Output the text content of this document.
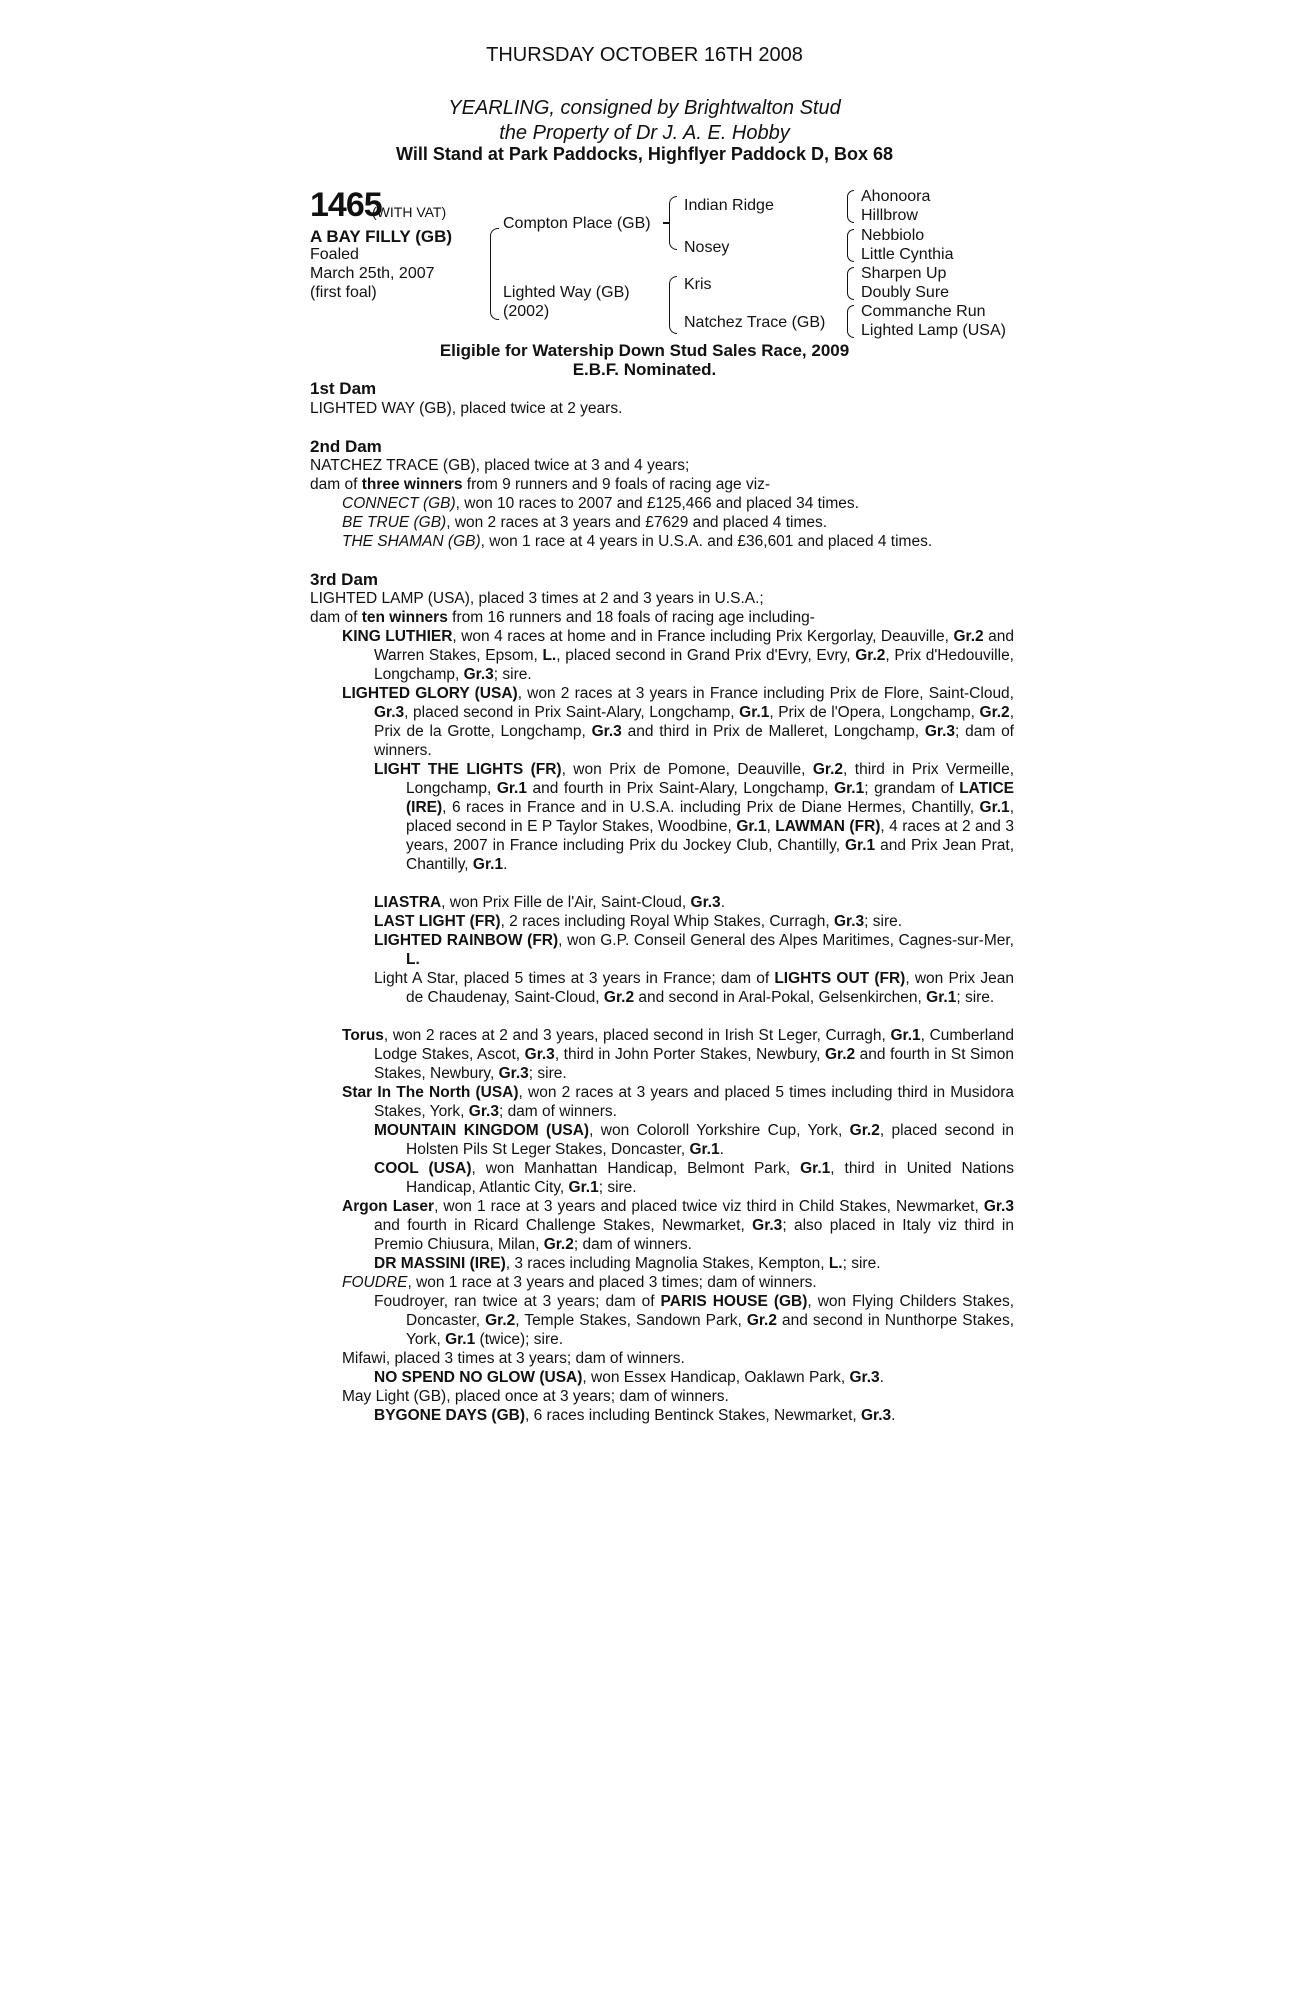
THURSDAY OCTOBER 16TH 2008
YEARLING, consigned by Brightwalton Stud
the Property of Dr J. A. E. Hobby
Will Stand at Park Paddocks, Highflyer Paddock D, Box 68
1465
(WITH VAT)
A BAY FILLY (GB)
Foaled
March 25th, 2007
(first foal)
Compton Place (GB)
Lighted Way (GB)
(2002)
Indian Ridge
Nosey
Kris
Natchez Trace (GB)
Ahonoora
Hillbrow
Nebbiolo
Little Cynthia
Sharpen Up
Doubly Sure
Commanche Run
Lighted Lamp (USA)
Eligible for Watership Down Stud Sales Race, 2009
E.B.F. Nominated.
1st Dam
LIGHTED WAY (GB), placed twice at 2 years.
2nd Dam
NATCHEZ TRACE (GB), placed twice at 3 and 4 years;
dam of three winners from 9 runners and 9 foals of racing age viz-
CONNECT (GB), won 10 races to 2007 and £125,466 and placed 34 times.
BE TRUE (GB), won 2 races at 3 years and £7629 and placed 4 times.
THE SHAMAN (GB), won 1 race at 4 years in U.S.A. and £36,601 and placed 4 times.
3rd Dam
LIGHTED LAMP (USA), placed 3 times at 2 and 3 years in U.S.A.;
dam of ten winners from 16 runners and 18 foals of racing age including-
KING LUTHIER, won 4 races at home and in France including Prix Kergorlay, Deauville, Gr.2 and Warren Stakes, Epsom, L., placed second in Grand Prix d'Evry, Evry, Gr.2, Prix d'Hedouville, Longchamp, Gr.3; sire.
LIGHTED GLORY (USA), won 2 races at 3 years in France including Prix de Flore, Saint-Cloud, Gr.3, placed second in Prix Saint-Alary, Longchamp, Gr.1, Prix de l'Opera, Longchamp, Gr.2, Prix de la Grotte, Longchamp, Gr.3 and third in Prix de Malleret, Longchamp, Gr.3; dam of winners.
LIGHT THE LIGHTS (FR), won Prix de Pomone, Deauville, Gr.2, third in Prix Vermeille, Longchamp, Gr.1 and fourth in Prix Saint-Alary, Longchamp, Gr.1; grandam of LATICE (IRE), 6 races in France and in U.S.A. including Prix de Diane Hermes, Chantilly, Gr.1, placed second in E P Taylor Stakes, Woodbine, Gr.1, LAWMAN (FR), 4 races at 2 and 3 years, 2007 in France including Prix du Jockey Club, Chantilly, Gr.1 and Prix Jean Prat, Chantilly, Gr.1.
LIASTRA, won Prix Fille de l'Air, Saint-Cloud, Gr.3.
LAST LIGHT (FR), 2 races including Royal Whip Stakes, Curragh, Gr.3; sire.
LIGHTED RAINBOW (FR), won G.P. Conseil General des Alpes Maritimes, Cagnes-sur-Mer, L.
Light A Star, placed 5 times at 3 years in France; dam of LIGHTS OUT (FR), won Prix Jean de Chaudenay, Saint-Cloud, Gr.2 and second in Aral-Pokal, Gelsenkirchen, Gr.1; sire.
Torus, won 2 races at 2 and 3 years, placed second in Irish St Leger, Curragh, Gr.1, Cumberland Lodge Stakes, Ascot, Gr.3, third in John Porter Stakes, Newbury, Gr.2 and fourth in St Simon Stakes, Newbury, Gr.3; sire.
Star In The North (USA), won 2 races at 3 years and placed 5 times including third in Musidora Stakes, York, Gr.3; dam of winners.
MOUNTAIN KINGDOM (USA), won Coloroll Yorkshire Cup, York, Gr.2, placed second in Holsten Pils St Leger Stakes, Doncaster, Gr.1.
COOL (USA), won Manhattan Handicap, Belmont Park, Gr.1, third in United Nations Handicap, Atlantic City, Gr.1; sire.
Argon Laser, won 1 race at 3 years and placed twice viz third in Child Stakes, Newmarket, Gr.3 and fourth in Ricard Challenge Stakes, Newmarket, Gr.3; also placed in Italy viz third in Premio Chiusura, Milan, Gr.2; dam of winners.
DR MASSINI (IRE), 3 races including Magnolia Stakes, Kempton, L.; sire.
FOUDRE, won 1 race at 3 years and placed 3 times; dam of winners.
Foudroyer, ran twice at 3 years; dam of PARIS HOUSE (GB), won Flying Childers Stakes, Doncaster, Gr.2, Temple Stakes, Sandown Park, Gr.2 and second in Nunthorpe Stakes, York, Gr.1 (twice); sire.
Mifawi, placed 3 times at 3 years; dam of winners.
NO SPEND NO GLOW (USA), won Essex Handicap, Oaklawn Park, Gr.3.
May Light (GB), placed once at 3 years; dam of winners.
BYGONE DAYS (GB), 6 races including Bentinck Stakes, Newmarket, Gr.3.
